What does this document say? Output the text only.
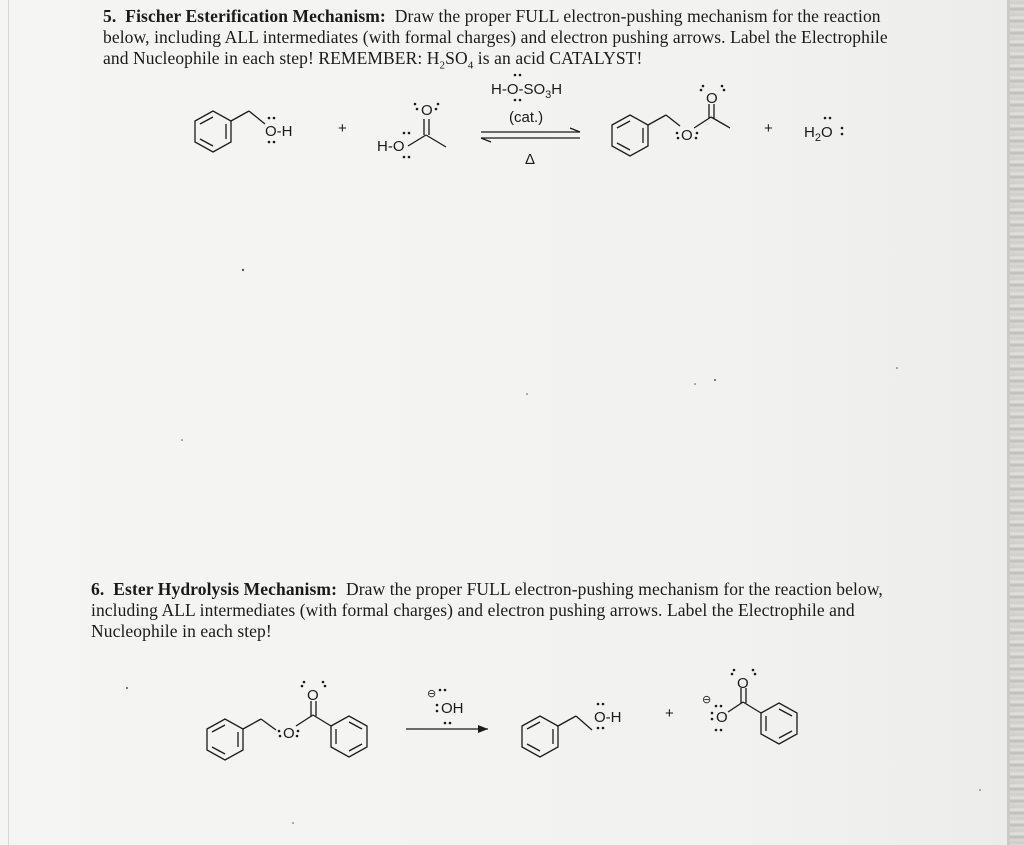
5. Fischer Esterification Mechanism: Draw the proper FULL electron-pushing mechanism for the reaction
below, including ALL intermediates (with formal charges) and electron pushing arrows. Label the Electrophile
and Nucleophile in each step! REMEMBER: $H_2SO_4$ is an acid CATALYST!
6. Ester Hydrolysis Mechanism: Draw the proper FULL electron-pushing mechanism for the reaction below,
including ALL intermediates (with formal charges) and electron pushing arrows. Label the Electrophile and
Nucleophile in each step!
O-H	+
O
H-O
$H-O-SO_3H$
(cat.)
Δ
O
O
+ $H_2O$
O
O	⊖
OH
O-H	+
⊖
O
O
